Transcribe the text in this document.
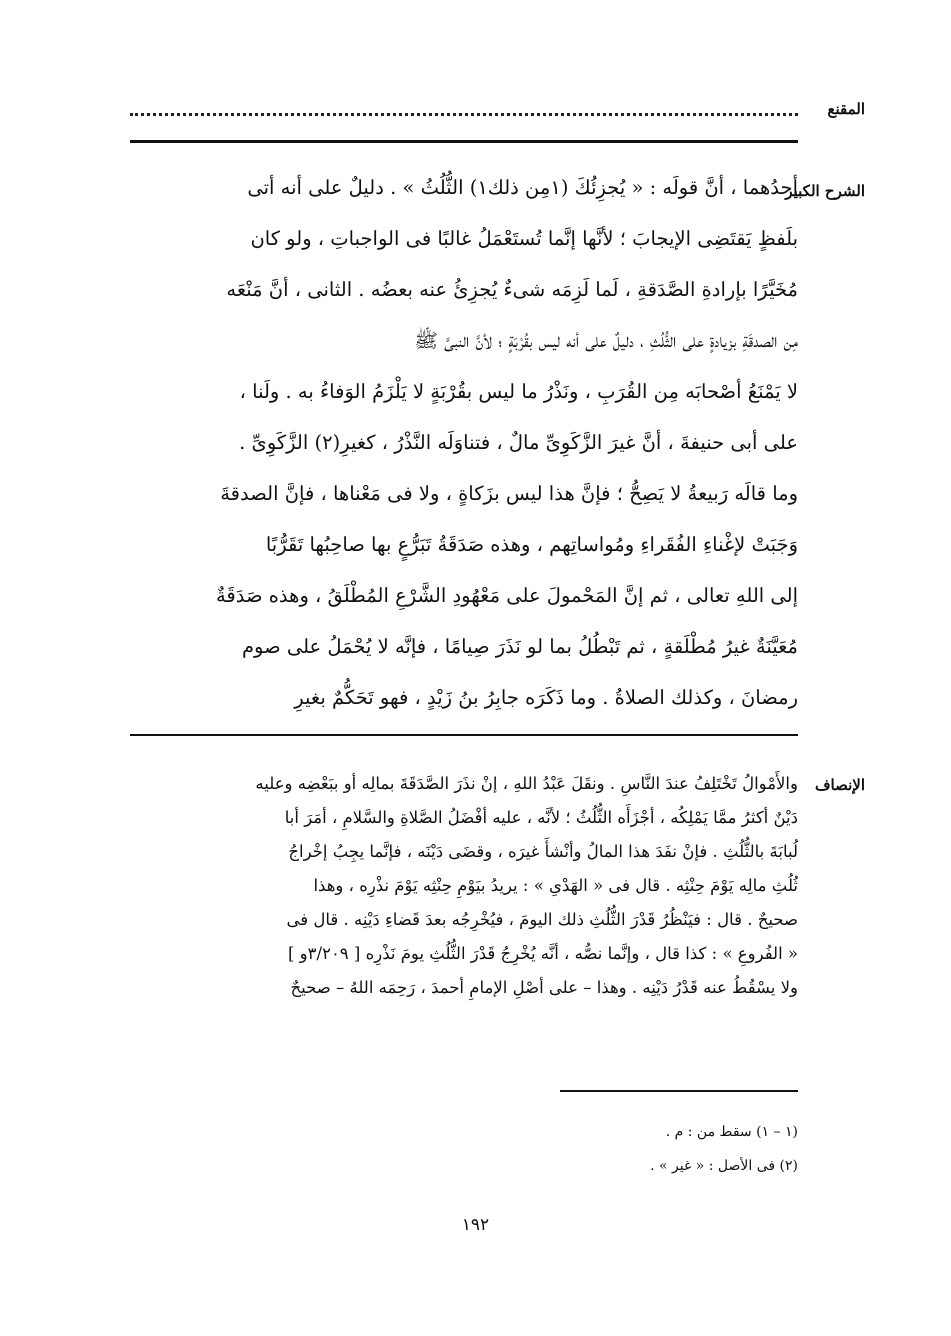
المقنع
الشرح الكبير
أحدُهما ، أنَّ قولَه : « يُجزِئُكَ (١مِن ذلك١) الثُّلُثُ » . دليلٌ على أنه أتى
بلَفظٍ يَقتَضِى الإيجابَ ؛ لأنَّها إنَّما تُستَعْمَلُ غالبًا فى الواجباتِ ، ولو كان
مُخَيَّرًا بإرادةِ الصَّدَقةِ ، لَما لَزِمَه شىءٌ يُجزِئُ عنه بعضُه . الثانى ، أنَّ مَنْعَه
مِن الصدقَةِ بزيادةٍ على الثُّلُثِ ، دليلٌ على أنه ليس بقُرْبَةٍ ؛ لأنَّ النبىَّ ﷺ
لا يَمْنَعُ أصْحابَه مِن القُرَبِ ، ونَذْرُ ما ليس بقُرْبَةٍ لا يَلْزَمُ الوَفاءُ به . ولَنا ،
على أبى حنيفةَ ، أنَّ غيرَ الزَّكَوِىِّ مالٌ ، فتناوَلَه النَّذْرُ ، كغيرِ(٢) الزَّكَوِىِّ .
وما قالَه رَبيعةُ لا يَصِحُّ ؛ فإنَّ هذا ليس بزَكاةٍ ، ولا فى مَعْناها ، فإنَّ الصدقةَ
وَجَبَتْ لإغْناءِ الفُقَراءِ ومُواساتِهم ، وهذه صَدَقَةُ تَبَرُّعٍ بها صاحِبُها تَقَرُّبًا
إلى اللهِ تعالى ، ثم إنَّ المَحْمولَ على مَعْهُودِ الشَّرْعِ المُطْلَقُ ، وهذه صَدَقَةٌ
مُعَيَّنَةٌ غيرُ مُطْلَقةٍ ، ثم تَبْطُلُ بما لو نَذَرَ صِيامًا ، فإنَّه لا يُحْمَلُ على صوم
رمضانَ ، وكذلك الصلاةُ . وما ذَكَرَه جابِرُ بنُ زَيْدٍ ، فهو تَحَكُّمٌ بغيرِ
الإنصاف
والأَمْوالُ تَخْتَلِفُ عندَ النَّاسِ . ونقَلَ عَبْدُ اللهِ ، إنْ نذَرَ الصَّدَقَةَ بمالِه أو ببَعْضِه وعليه
دَيْنٌ أكثرُ ممَّا يَمْلِكُه ، أجْزَأَه الثُّلُثُ ؛ لأنَّه ، عليه أفْضَلُ الصَّلاةِ والسَّلامِ ، أمَرَ أبا
لُبابَةَ بالثُّلُثِ . فإنْ نفَدَ هذا المالُ وأنْشأَ غيرَه ، وقضَى دَيْنَه ، فإنَّما يجِبُ إخْراجُ
ثُلُثِ مالِه يَوْمَ حِنْثِه . قال فى « الهَدْىِ » : يريدُ بيَوْمِ حِنْثِه يَوْمَ نذْرِه ، وهذا
صحيحٌ . قال : فيَنْظُرُ قَدْرَ الثُّلُثِ ذلك اليومَ ، فيُخْرِجُه بعدَ قَضاءِ دَيْنِه . قال فى
« الفُروعِ » : كذا قال ، وإنَّما نصُّه ، أنَّه يُخْرِجُ قَدْرَ الثُّلُثِ يومَ نَذْرِه [ ٣/٢٠٩و ]
ولا يسْقُطُ عنه قَدْرُ دَيْنِه . وهذا – على أصْلِ الإمامِ أحمدَ ، رَحِمَه اللهُ – صحيحٌ
(١ – ١) سقط من : م .
(٢) فى الأصل : « غير » .
١٩٢
